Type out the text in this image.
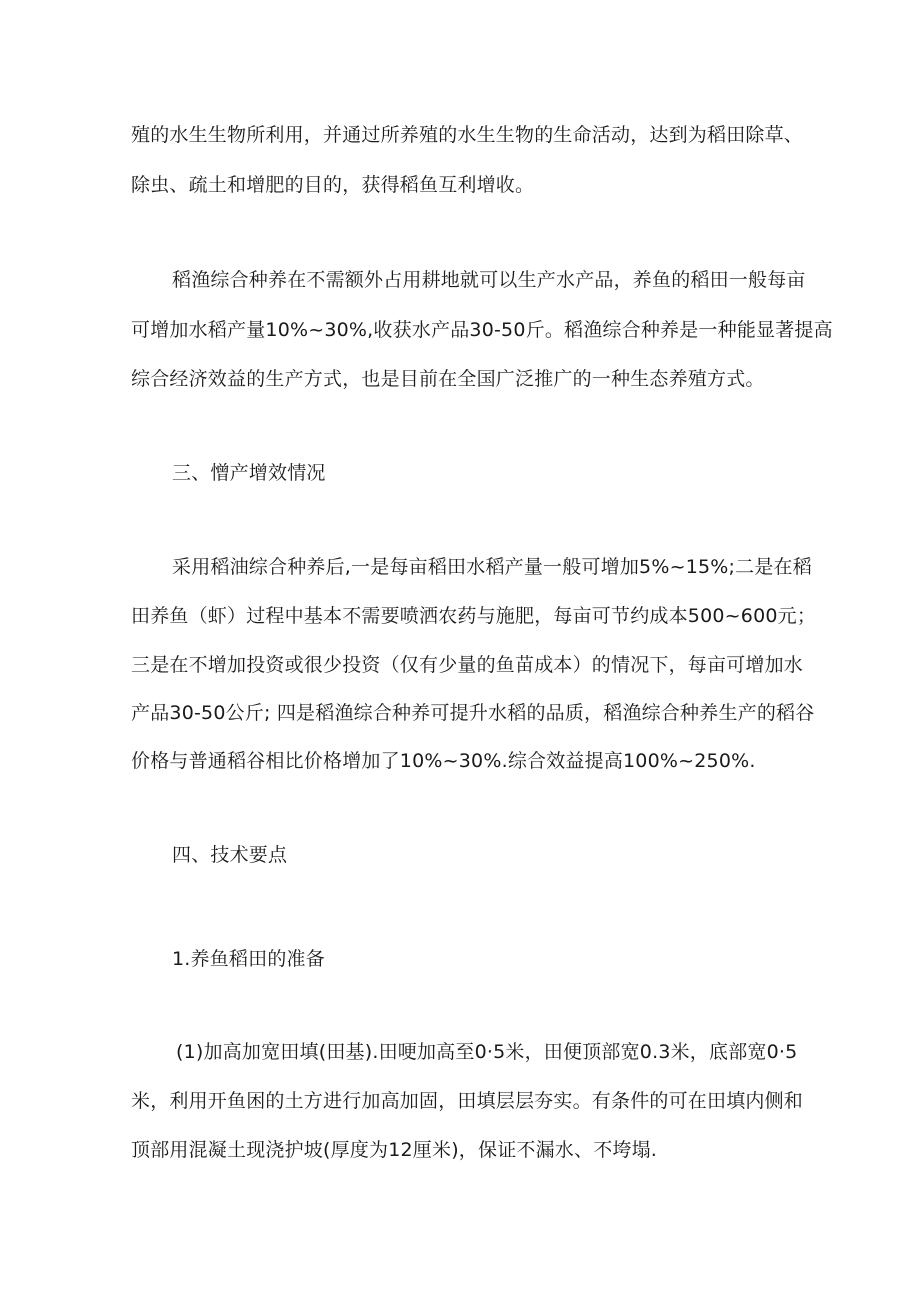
殖的水生生物所利用，并通过所养殖的水生生物的生命活动，达到为稻田除草、
除虫、疏土和增肥的目的，获得稻鱼互利增收。
稻渔综合种养在不需额外占用耕地就可以生产水产品，养鱼的稻田一般每亩
可增加水稻产量10%~30%,收获水产品30-50斤。稻渔综合种养是一种能显著提高
综合经济效益的生产方式，也是目前在全国广泛推广的一种生态养殖方式。
三、憎产增效情况
采用稻油综合种养后,一是每亩稻田水稻产量一般可增加5%~15%;二是在稻
田养鱼（虾）过程中基本不需要喷洒农药与施肥，每亩可节约成本500~600元；
三是在不增加投资或很少投资（仅有少量的鱼苗成本）的情况下，每亩可增加水
产品30-50公斤; 四是稻渔综合种养可提升水稻的品质，稻渔综合种养生产的稻谷
价格与普通稻谷相比价格增加了10%~30%.综合效益提高100%~250%.
四、技术要点
1.养鱼稻田的准备
(1)加高加宽田填(田基).田哽加高至0·5米，田便顶部宽0.3米，底部宽0·5
米，利用开鱼困的土方进行加高加固，田填层层夯实。有条件的可在田填内侧和
顶部用混凝土现浇护坡(厚度为12厘米)，保证不漏水、不垮塌.
